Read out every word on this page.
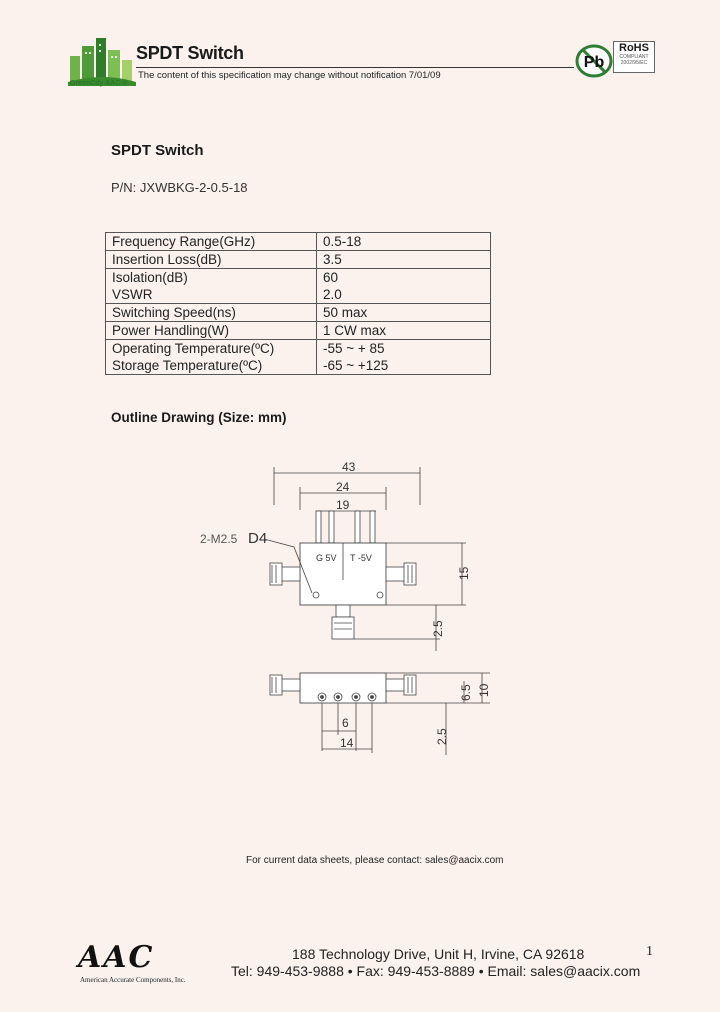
GreenCity AAC ®
SPDT Switch
The content of this specification may change without notification 7/01/09
Pb
RoHS
COMPLIANT
2002/95/EC
SPDT Switch
P/N: JXWBKG-2-0.5-18
Frequency Range(GHz)	0.5-18
Insertion Loss(dB)	3.5
Isolation(dB)	60
VSWR	2.0
Switching Speed(ns)	50 max
Power Handling(W)	1 CW max
Operating Temperature(ºC)	-55 ~ + 85
Storage Temperature(ºC)	-65 ~ +125
Outline Drawing (Size: mm)
43
24
19
G 5V T -5V
2-M2.5 D4
15
2.5
10
6.5
2.5
6
14
For current data sheets, please contact: sales@aacix.com
AAC
American Accurate Components, Inc.
188 Technology Drive, Unit H, Irvine, CA 92618
Tel: 949-453-9888 • Fax: 949-453-8889 • Email: sales@aacix.com
1
